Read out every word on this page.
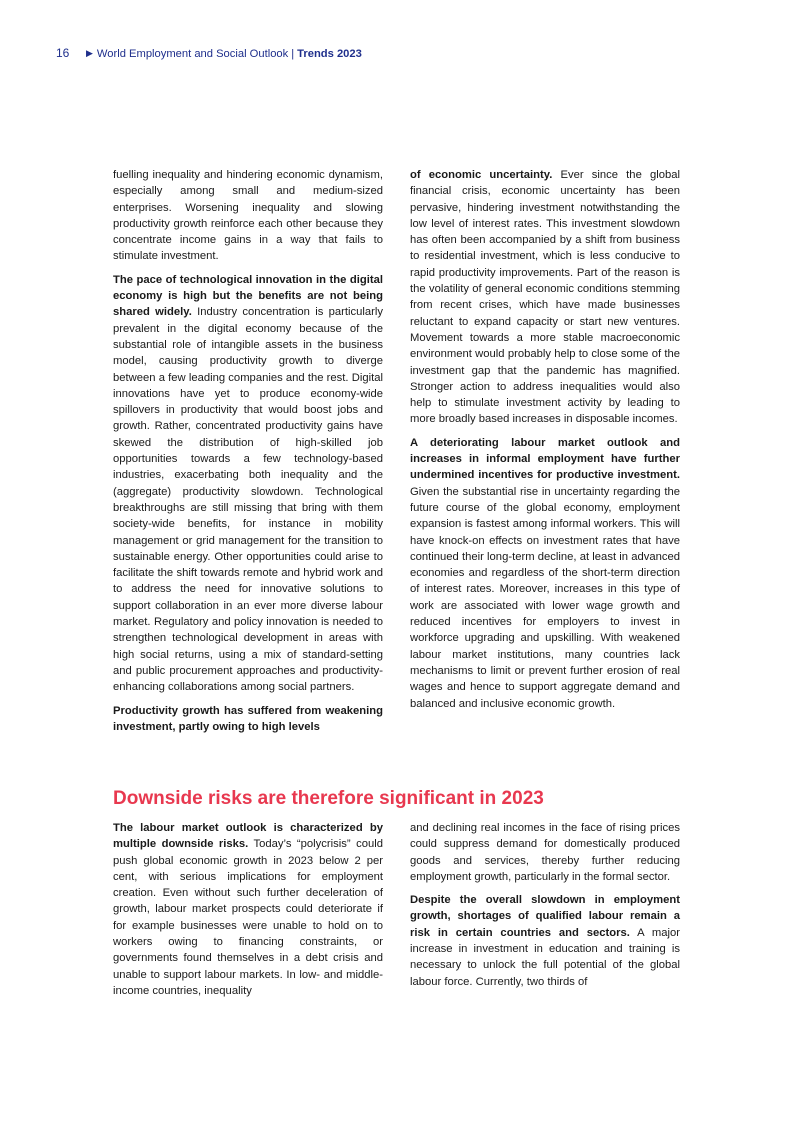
16 ▶ World Employment and Social Outlook | Trends 2023

fuelling inequality and hindering economic dynamism, especially among small and medium-sized enterprises. Worsening inequality and slowing productivity growth reinforce each other because they concentrate income gains in a way that fails to stimulate investment.

The pace of technological innovation in the digital economy is high but the benefits are not being shared widely. Industry concentration is particularly prevalent in the digital economy because of the substantial role of intangible assets in the business model, causing productivity growth to diverge between a few leading companies and the rest. Digital innovations have yet to produce economy-wide spillovers in productivity that would boost jobs and growth. Rather, concentrated productivity gains have skewed the distribution of high-skilled job opportunities towards a few technology-based industries, exacerbating both inequality and the (aggregate) productivity slowdown. Technological breakthroughs are still missing that bring with them society-wide benefits, for instance in mobility management or grid management for the transition to sustainable energy. Other opportunities could arise to facilitate the shift towards remote and hybrid work and to address the need for innovative solutions to support collaboration in an ever more diverse labour market. Regulatory and policy innovation is needed to strengthen technological development in areas with high social returns, using a mix of standard-setting and public procurement approaches and productivity-enhancing collaborations among social partners.

Productivity growth has suffered from weakening investment, partly owing to high levels

of economic uncertainty. Ever since the global financial crisis, economic uncertainty has been pervasive, hindering investment notwithstanding the low level of interest rates. This investment slowdown has often been accompanied by a shift from business to residential investment, which is less conducive to rapid productivity improvements. Part of the reason is the volatility of general economic conditions stemming from recent crises, which have made businesses reluctant to expand capacity or start new ventures. Movement towards a more stable macroeconomic environment would probably help to close some of the investment gap that the pandemic has magnified. Stronger action to address inequalities would also help to stimulate investment activity by leading to more broadly based increases in disposable incomes.

A deteriorating labour market outlook and increases in informal employment have further undermined incentives for productive investment. Given the substantial rise in uncertainty regarding the future course of the global economy, employment expansion is fastest among informal workers. This will have knock-on effects on investment rates that have continued their long-term decline, at least in advanced economies and regardless of the short-term direction of interest rates. Moreover, increases in this type of work are associated with lower wage growth and reduced incentives for employers to invest in workforce upgrading and upskilling. With weakened labour market institutions, many countries lack mechanisms to limit or prevent further erosion of real wages and hence to support aggregate demand and balanced and inclusive economic growth.

Downside risks are therefore significant in 2023

The labour market outlook is characterized by multiple downside risks. Today’s “polycrisis” could push global economic growth in 2023 below 2 per cent, with serious implications for employment creation. Even without such further deceleration of growth, labour market prospects could deteriorate if for example businesses were unable to hold on to workers owing to financing constraints, or governments found themselves in a debt crisis and unable to support labour markets. In low- and middle-income countries, inequality

and declining real incomes in the face of rising prices could suppress demand for domestically produced goods and services, thereby further reducing employment growth, particularly in the formal sector.

Despite the overall slowdown in employment growth, shortages of qualified labour remain a risk in certain countries and sectors. A major increase in investment in education and training is necessary to unlock the full potential of the global labour force. Currently, two thirds of
